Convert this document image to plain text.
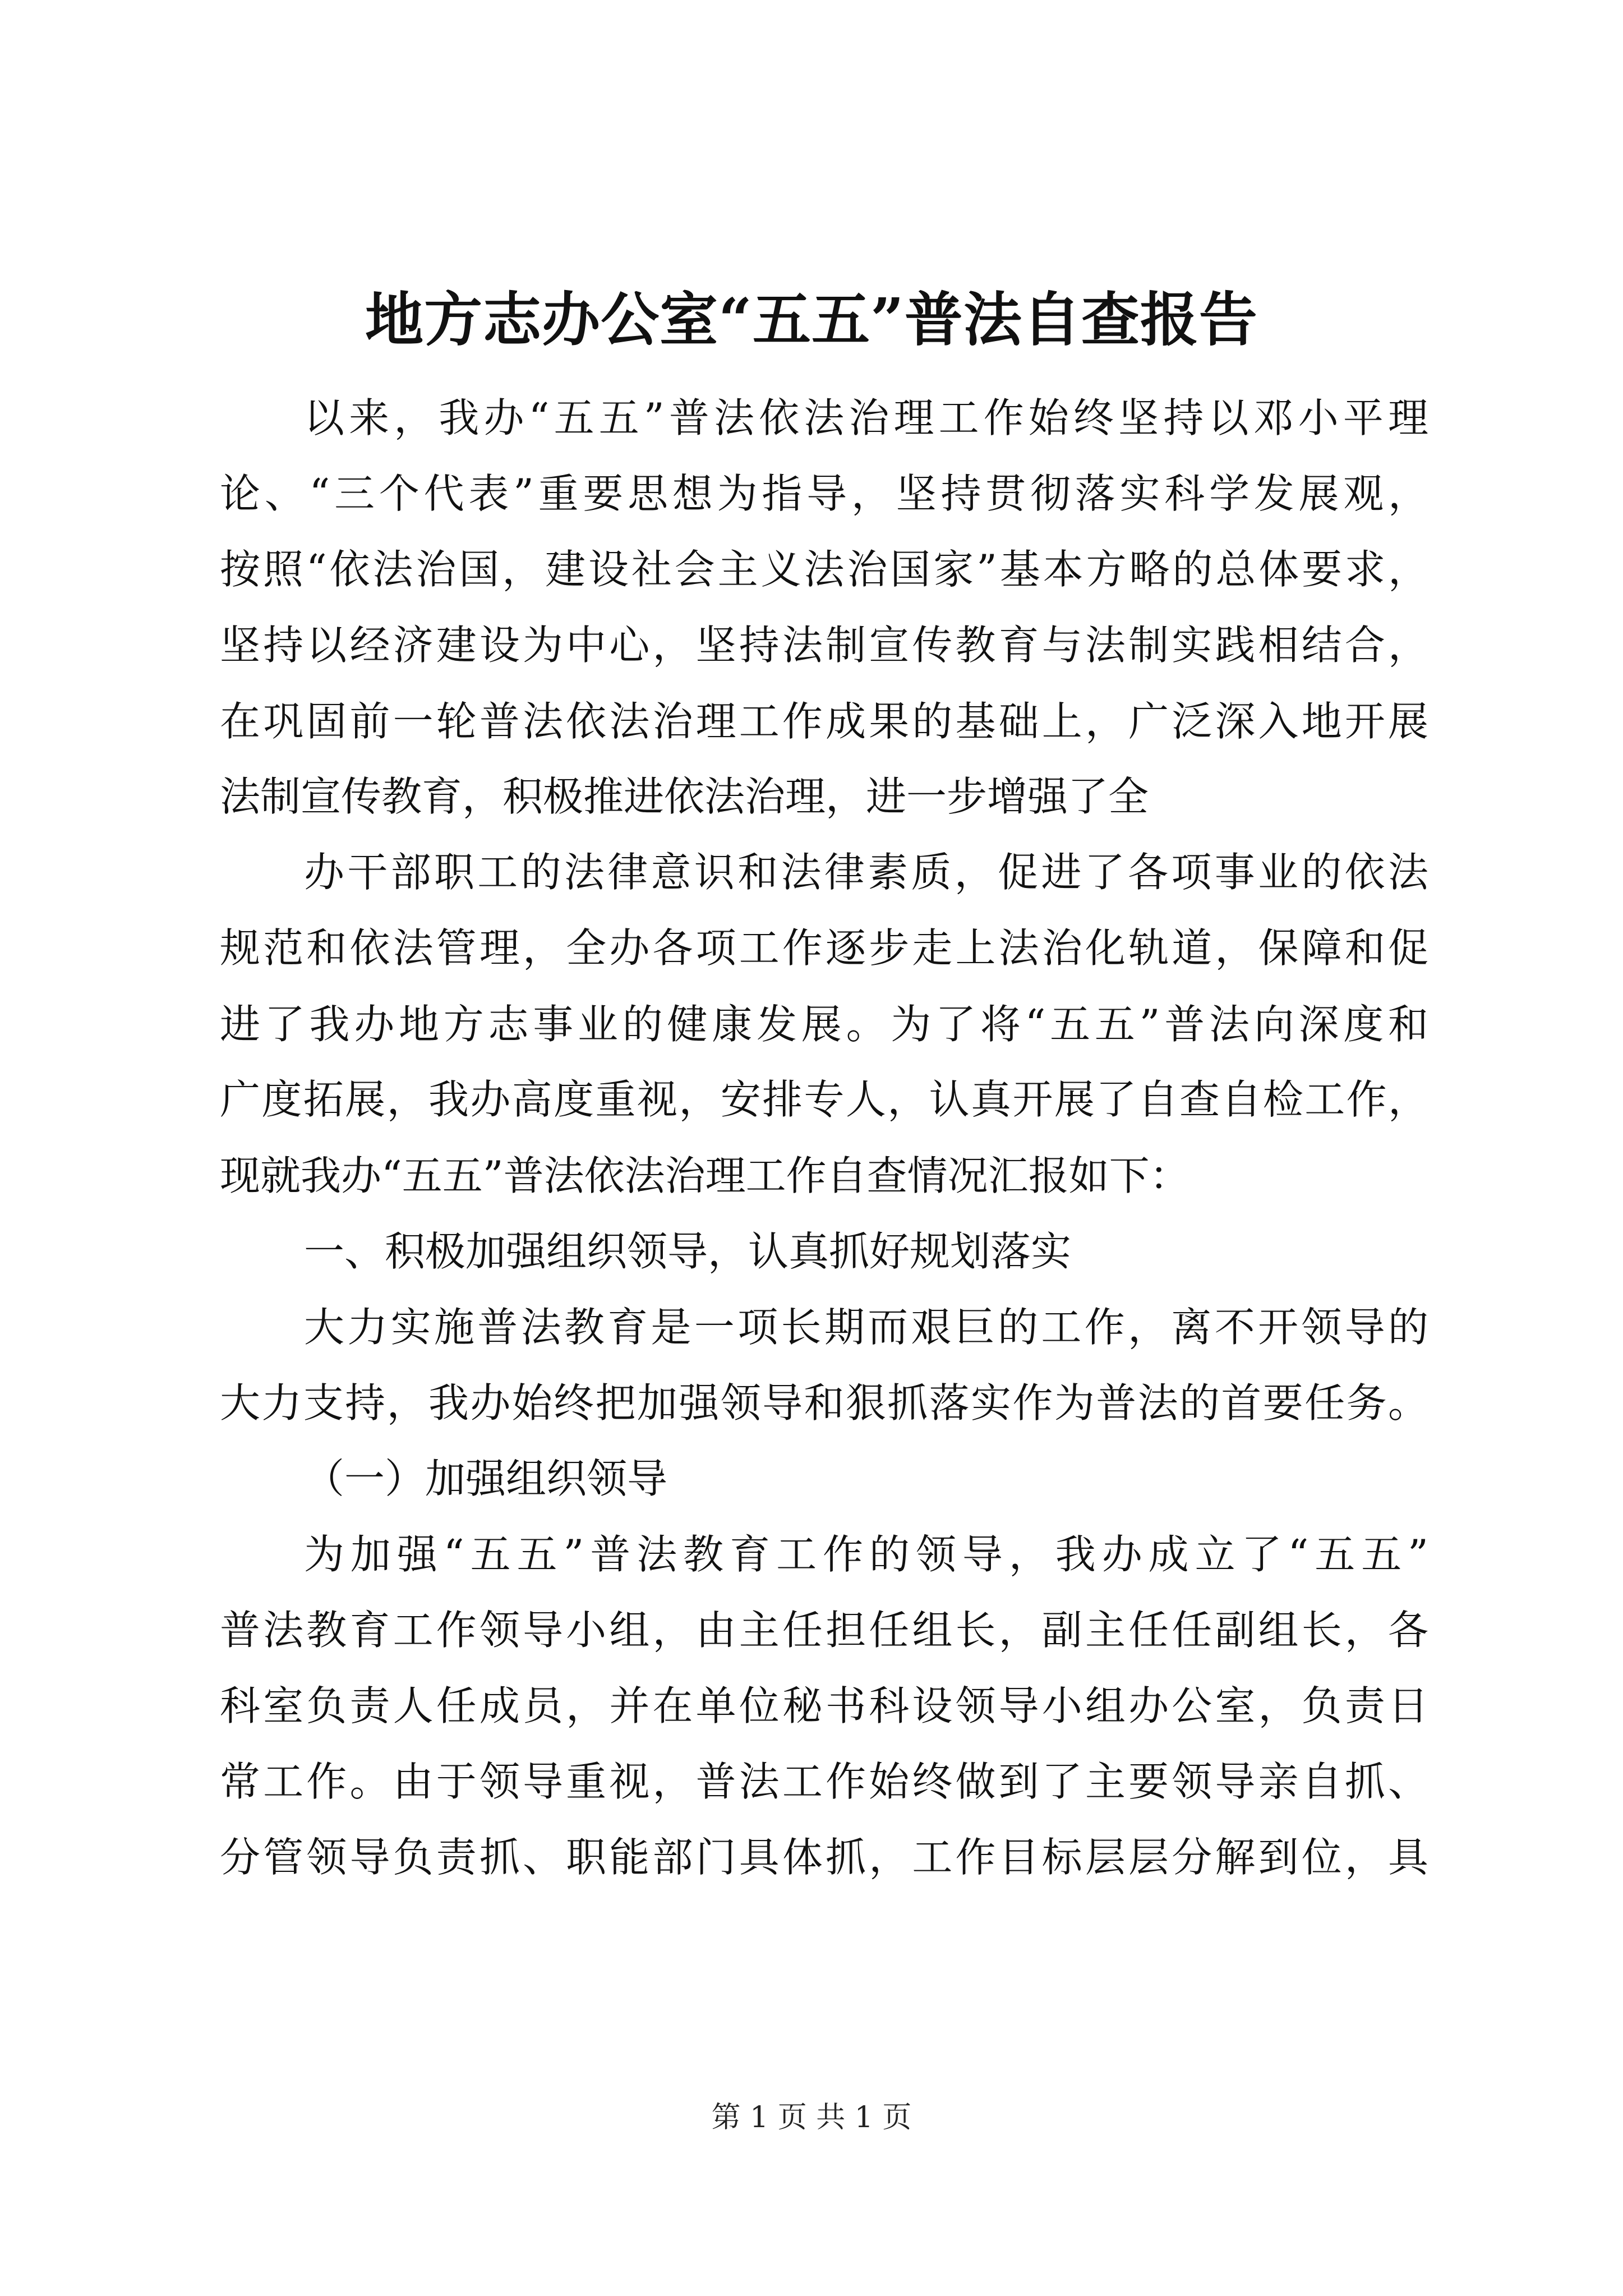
地方志办公室“五五”普法自查报告
以来，我办“五五”普法依法治理工作始终坚持以邓小平理
论、“三个代表”重要思想为指导，坚持贯彻落实科学发展观，
按照“依法治国，建设社会主义法治国家”基本方略的总体要求，
坚持以经济建设为中心，坚持法制宣传教育与法制实践相结合，
在巩固前一轮普法依法治理工作成果的基础上，广泛深入地开展
法制宣传教育，积极推进依法治理，进一步增强了全
办干部职工的法律意识和法律素质，促进了各项事业的依法
规范和依法管理，全办各项工作逐步走上法治化轨道，保障和促
进了我办地方志事业的健康发展。为了将“五五”普法向深度和
广度拓展，我办高度重视，安排专人，认真开展了自查自检工作，
现就我办“五五”普法依法治理工作自查情况汇报如下：
一、积极加强组织领导，认真抓好规划落实
大力实施普法教育是一项长期而艰巨的工作，离不开领导的
大力支持，我办始终把加强领导和狠抓落实作为普法的首要任务。
（一）加强组织领导
为加强“五五”普法教育工作的领导，我办成立了“五五”
普法教育工作领导小组，由主任担任组长，副主任任副组长，各
科室负责人任成员，并在单位秘书科设领导小组办公室，负责日
常工作。由于领导重视，普法工作始终做到了主要领导亲自抓、
分管领导负责抓、职能部门具体抓，工作目标层层分解到位，具
第 1 页 共 1 页
